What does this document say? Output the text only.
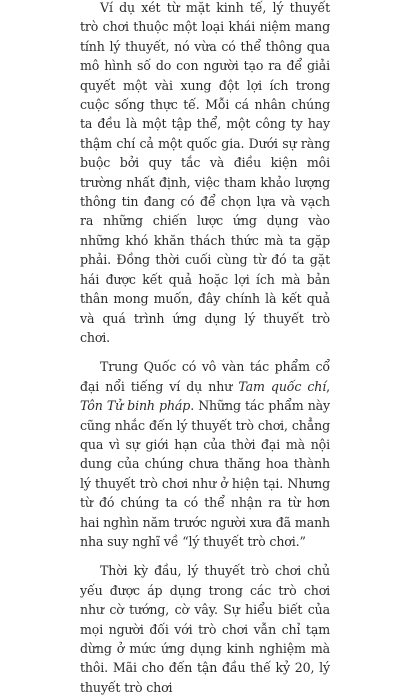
Ví dụ xét từ mặt kinh tế, lý thuyết trò chơi thuộc một loại khái niệm mang tính lý thuyết, nó vừa có thể thông qua mô hình số do con người tạo ra để giải quyết một vài xung đột lợi ích trong cuộc sống thực tế. Mỗi cá nhân chúng ta đều là một tập thể, một công ty hay thậm chí cả một quốc gia. Dưới sự ràng buộc bởi quy tắc và điều kiện môi trường nhất định, việc tham khảo lượng thông tin đang có để chọn lựa và vạch ra những chiến lược ứng dụng vào những khó khăn thách thức mà ta gặp phải. Đồng thời cuối cùng từ đó ta gặt hái được kết quả hoặc lợi ích mà bản thân mong muốn, đây chính là kết quả và quá trình ứng dụng lý thuyết trò chơi.

Trung Quốc có vô vàn tác phẩm cổ đại nổi tiếng ví dụ như Tam quốc chí, Tôn Tử binh pháp. Những tác phẩm này cũng nhắc đến lý thuyết trò chơi, chẳng qua vì sự giới hạn của thời đại mà nội dung của chúng chưa thăng hoa thành lý thuyết trò chơi như ở hiện tại. Nhưng từ đó chúng ta có thể nhận ra từ hơn hai nghìn năm trước người xưa đã manh nha suy nghĩ về “lý thuyết trò chơi.”

Thời kỳ đầu, lý thuyết trò chơi chủ yếu được áp dụng trong các trò chơi như cờ tướng, cờ vây. Sự hiểu biết của mọi người đối với trò chơi vẫn chỉ tạm dừng ở mức ứng dụng kinh nghiệm mà thôi. Mãi cho đến tận đầu thế kỷ 20, lý thuyết trò chơi
